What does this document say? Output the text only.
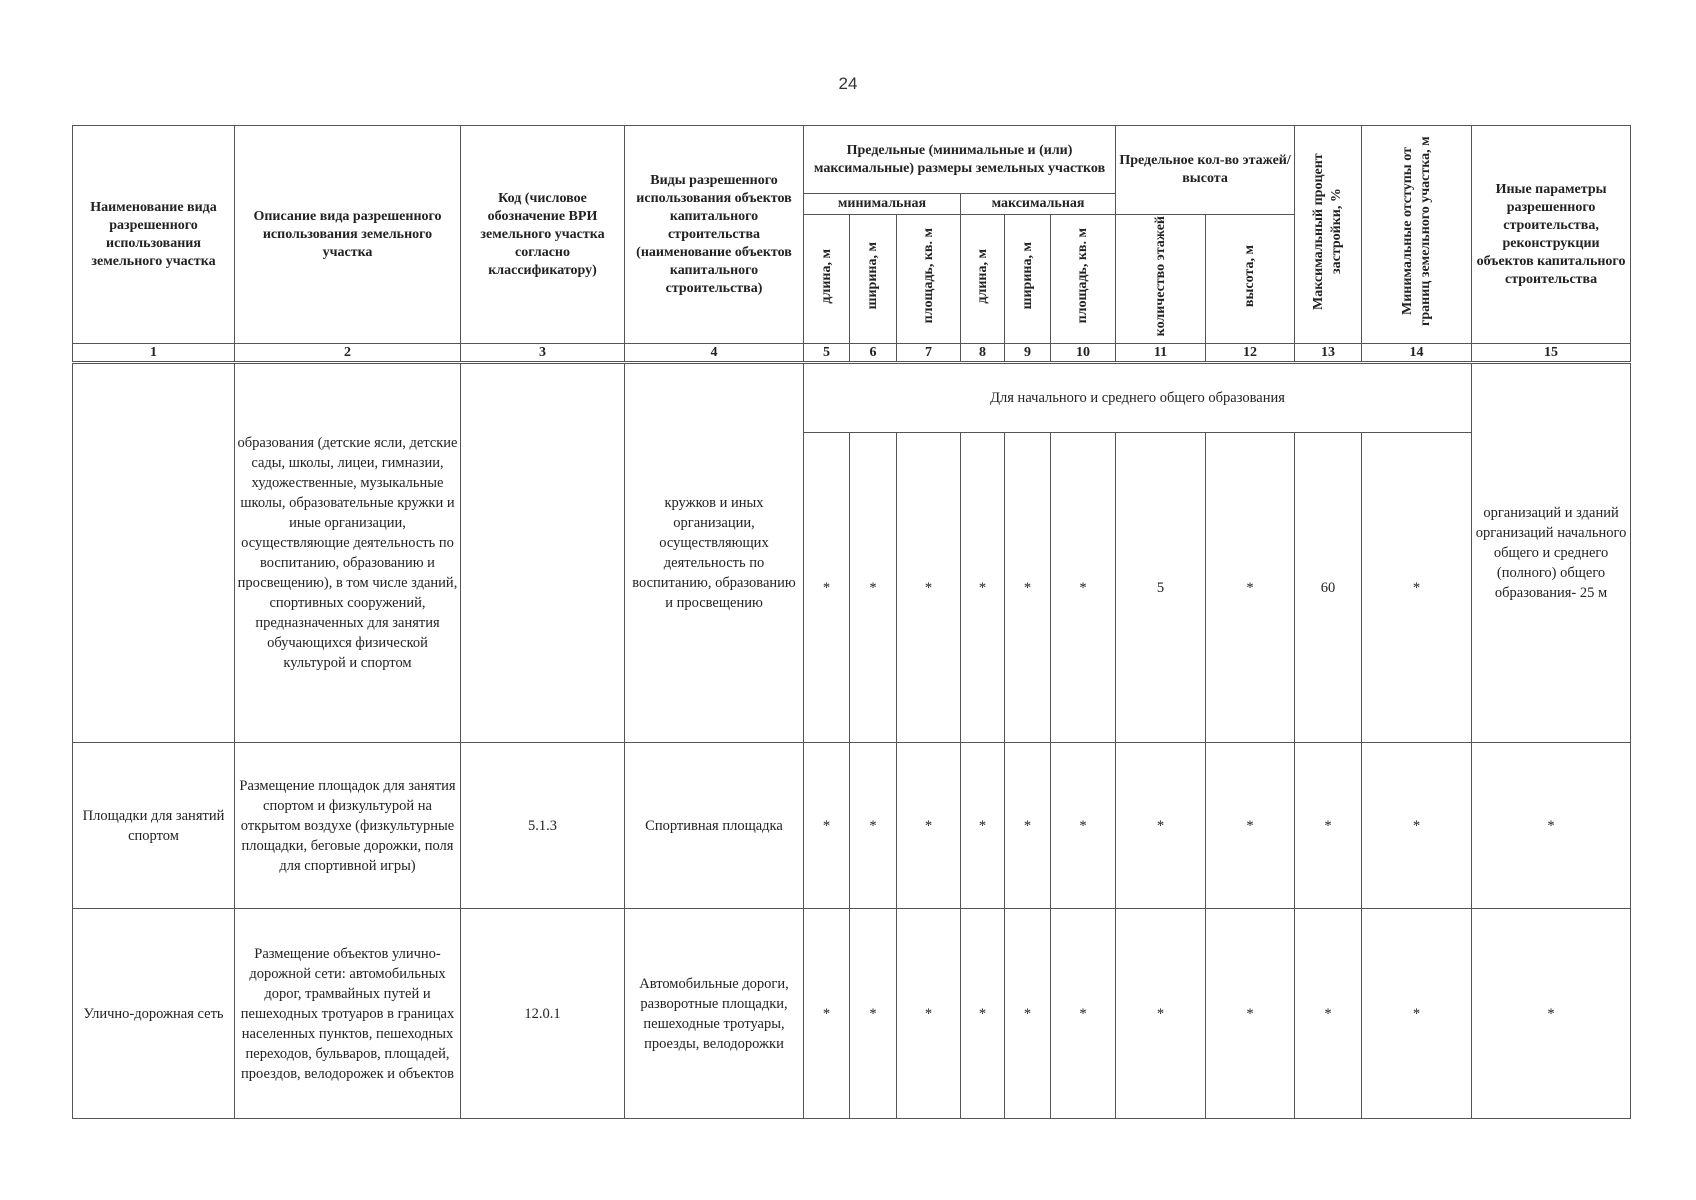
24
Наименование вида разрешенного использования земельного участка	Описание вида разрешенного использования земельного участка	Код (числовое обозначение ВРИ земельного участка согласно классификатору)	Виды разрешенного использования объектов капитального строительства (наименование объектов капитального строительства)	Предельные (минимальные и (или) максимальные) размеры земельных участков						Предельное кол-во этажей/высота		Максимальный процент застройки, %	Минимальные отступы от границ земельного участка, м	Иные параметры разрешенного строительства, реконструкции объектов капитального строительства
				минимальная			максимальная							
				длина, м	ширина, м	площадь, кв. м	длина, м	ширина, м	площадь, кв. м	количество этажей	высота, м			
1	2	3	4	5	6	7	8	9	10	11	12	13	14	15
	образования (детские ясли, детские сады, школы, лицеи, гимназии, художественные, музыкальные школы, образовательные кружки и иные организации, осуществляющие деятельность по воспитанию, образованию и просвещению), в том числе зданий, спортивных сооружений, предназначенных для занятия обучающихся физической культурой и спортом		кружков и иных организации, осуществляющих деятельность по воспитанию, образованию и просвещению	Для начального и среднего общего образования										организаций и зданий организаций начального общего и среднего (полного) общего образования- 25 м
				*	*	*	*	*	*	5	*	60	*	
Площадки для занятий спортом	Размещение площадок для занятия спортом и физкультурой на открытом воздухе (физкультурные площадки, беговые дорожки, поля для спортивной игры)	5.1.3	Спортивная площадка	*	*	*	*	*	*	*	*	*	*	*
Улично-дорожная сеть	Размещение объектов улично-дорожной сети: автомобильных дорог, трамвайных путей и пешеходных тротуаров в границах населенных пунктов, пешеходных переходов, бульваров, площадей, проездов, велодорожек и объектов	12.0.1	Автомобильные дороги, разворотные площадки, пешеходные тротуары, проезды, велодорожки	*	*	*	*	*	*	*	*	*	*	*
